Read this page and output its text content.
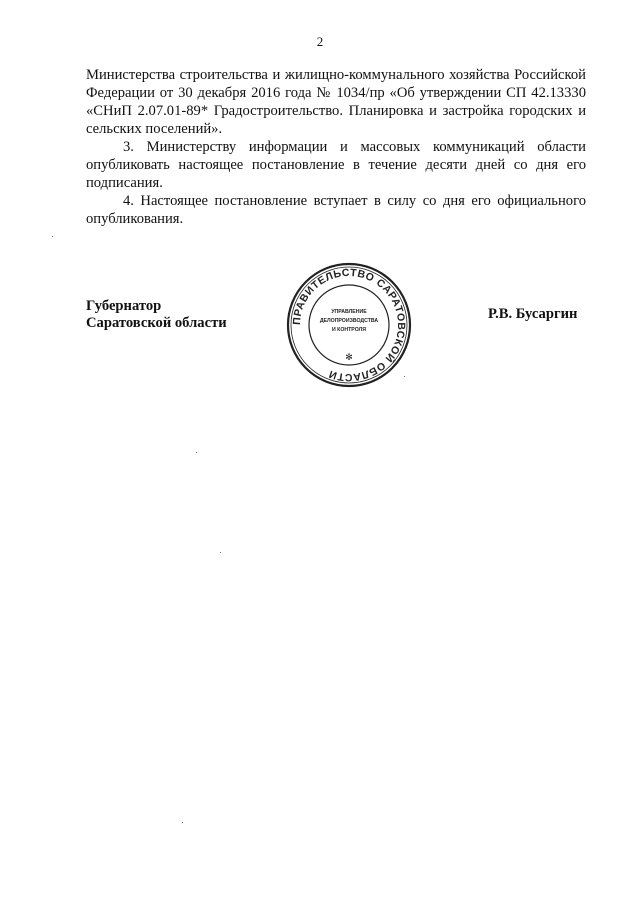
2

Министерства строительства и жилищно-коммунального хозяйства Российской Федерации от 30 декабря 2016 года № 1034/пр «Об утверждении СП 42.13330 «СНиП 2.07.01-89* Градостроительство. Планировка и застройка городских и сельских поселений».

3. Министерству информации и массовых коммуникаций области опубликовать настоящее постановление в течение десяти дней со дня его подписания.

4. Настоящее постановление вступает в силу со дня его официального опубликования.

Губернатор
Саратовской области
Р.В. Бусаргин
ПРАВИТЕЛЬСТВО САРАТОВСКОЙ ОБЛАСТИ
УПРАВЛЕНИЕ
ДЕЛОПРОИЗВОДСТВА
И КОНТРОЛЯ
✻
